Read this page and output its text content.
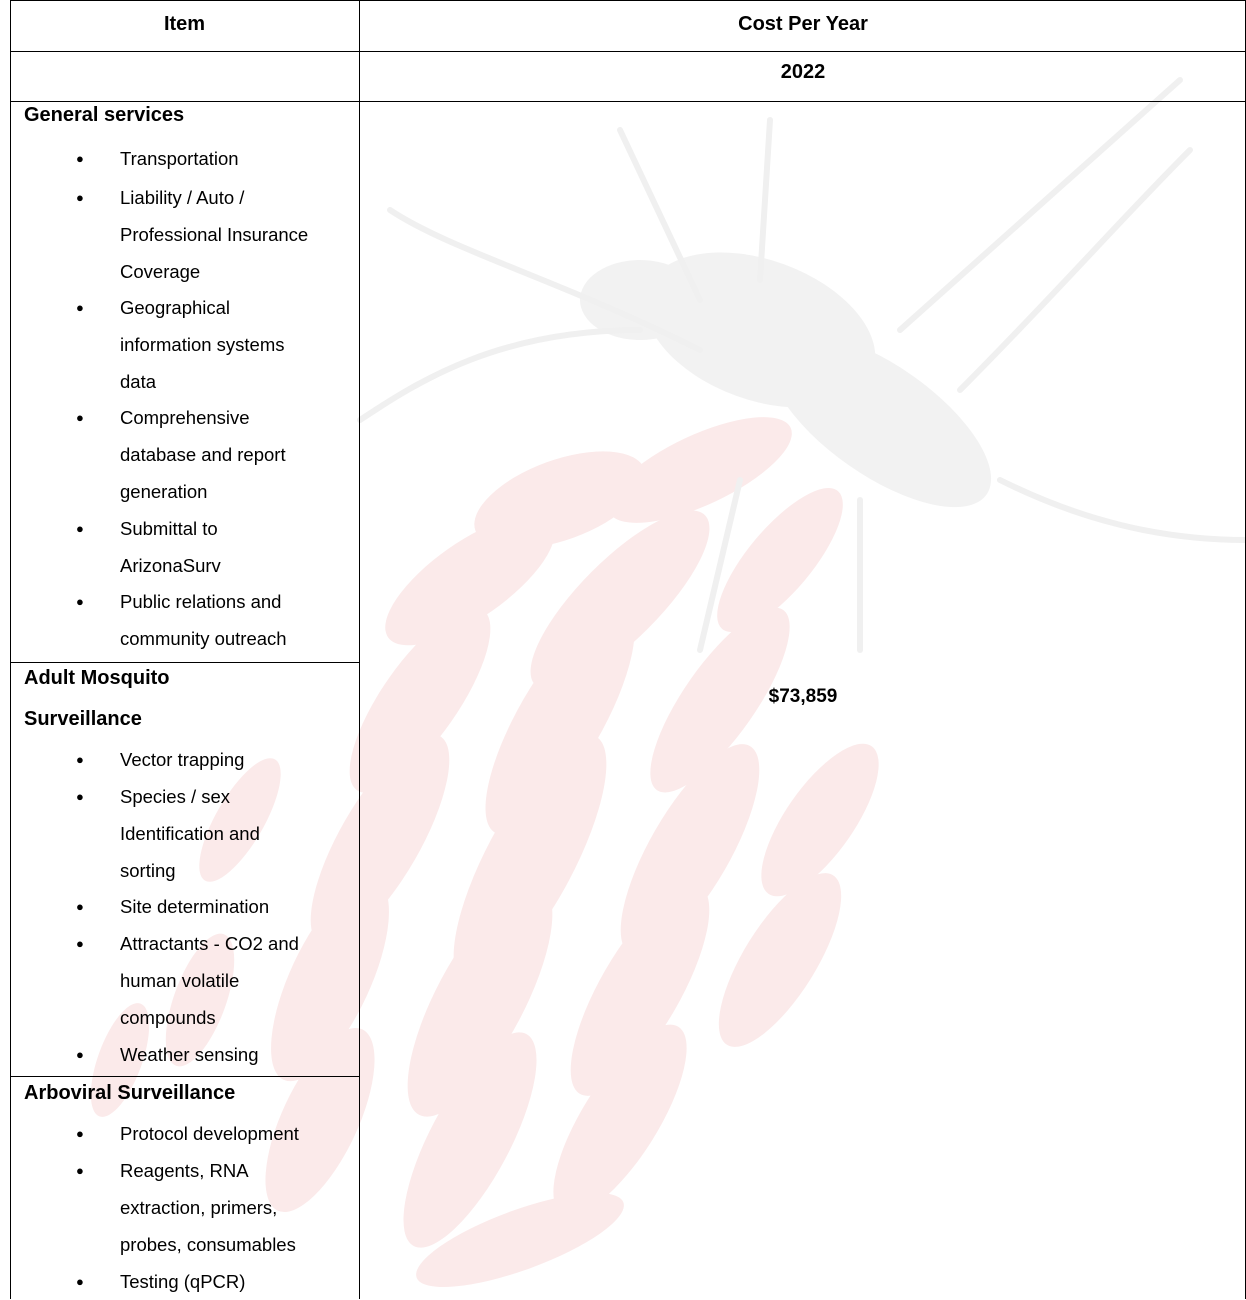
Item	Cost Per Year
2022
General services
● Transportation
● Liability / Auto /
Professional Insurance
Coverage
● Geographical
information systems
data
● Comprehensive
database and report
generation
● Submittal to
ArizonaSurv
● Public relations and
community outreach
Adult Mosquito
Surveillance
● Vector trapping
● Species / sex
Identification and
sorting
● Site determination
● Attractants - CO2 and
human volatile
compounds
● Weather sensing
Arboviral Surveillance
● Protocol development
● Reagents, RNA
extraction, primers,
probes, consumables
● Testing (qPCR)
$73,859
